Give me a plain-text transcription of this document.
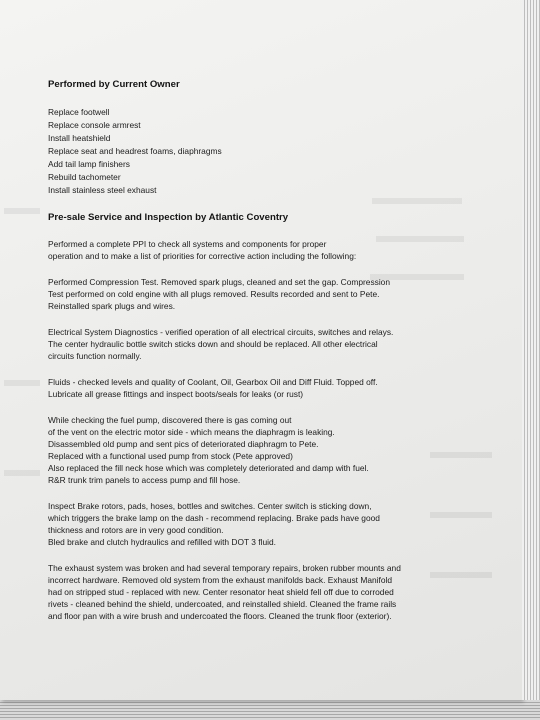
Performed by Current Owner
Replace footwell
Replace console armrest
Install heatshield
Replace seat and headrest foams, diaphragms
Add tail lamp finishers
Rebuild tachometer
Install stainless steel exhaust
Pre-sale Service and Inspection by Atlantic Coventry

Performed a complete PPI to check all systems and components for proper
operation and to make a list of priorities for corrective action including the following:

Performed Compression Test. Removed spark plugs, cleaned and set the gap. Compression
Test performed on cold engine with all plugs removed. Results recorded and sent to Pete.
Reinstalled spark plugs and wires.

Electrical System Diagnostics - verified operation of all electrical circuits, switches and relays.
The center hydraulic bottle switch sticks down and should be replaced. All other electrical
circuits function normally.

Fluids - checked levels and quality of Coolant, Oil, Gearbox Oil and Diff Fluid. Topped off.
Lubricate all grease fittings and inspect boots/seals for leaks (or rust)

While checking the fuel pump, discovered there is gas coming out
of the vent on the electric motor side - which means the diaphragm is leaking.
Disassembled old pump and sent pics of deteriorated diaphragm to Pete.
Replaced with a functional used pump from stock (Pete approved)
Also replaced the fill neck hose which was completely deteriorated and damp with fuel.
R&R trunk trim panels to access pump and fill hose.

Inspect Brake rotors, pads, hoses, bottles and switches. Center switch is sticking down,
which triggers the brake lamp on the dash - recommend replacing. Brake pads have good
thickness and rotors are in very good condition.
Bled brake and clutch hydraulics and refilled with DOT 3 fluid.

The exhaust system was broken and had several temporary repairs, broken rubber mounts and
incorrect hardware. Removed old system from the exhaust manifolds back. Exhaust Manifold
had on stripped stud - replaced with new. Center resonator heat shield fell off due to corroded
rivets - cleaned behind the shield, undercoated, and reinstalled shield. Cleaned the frame rails
and floor pan with a wire brush and undercoated the floors. Cleaned the trunk floor (exterior).
